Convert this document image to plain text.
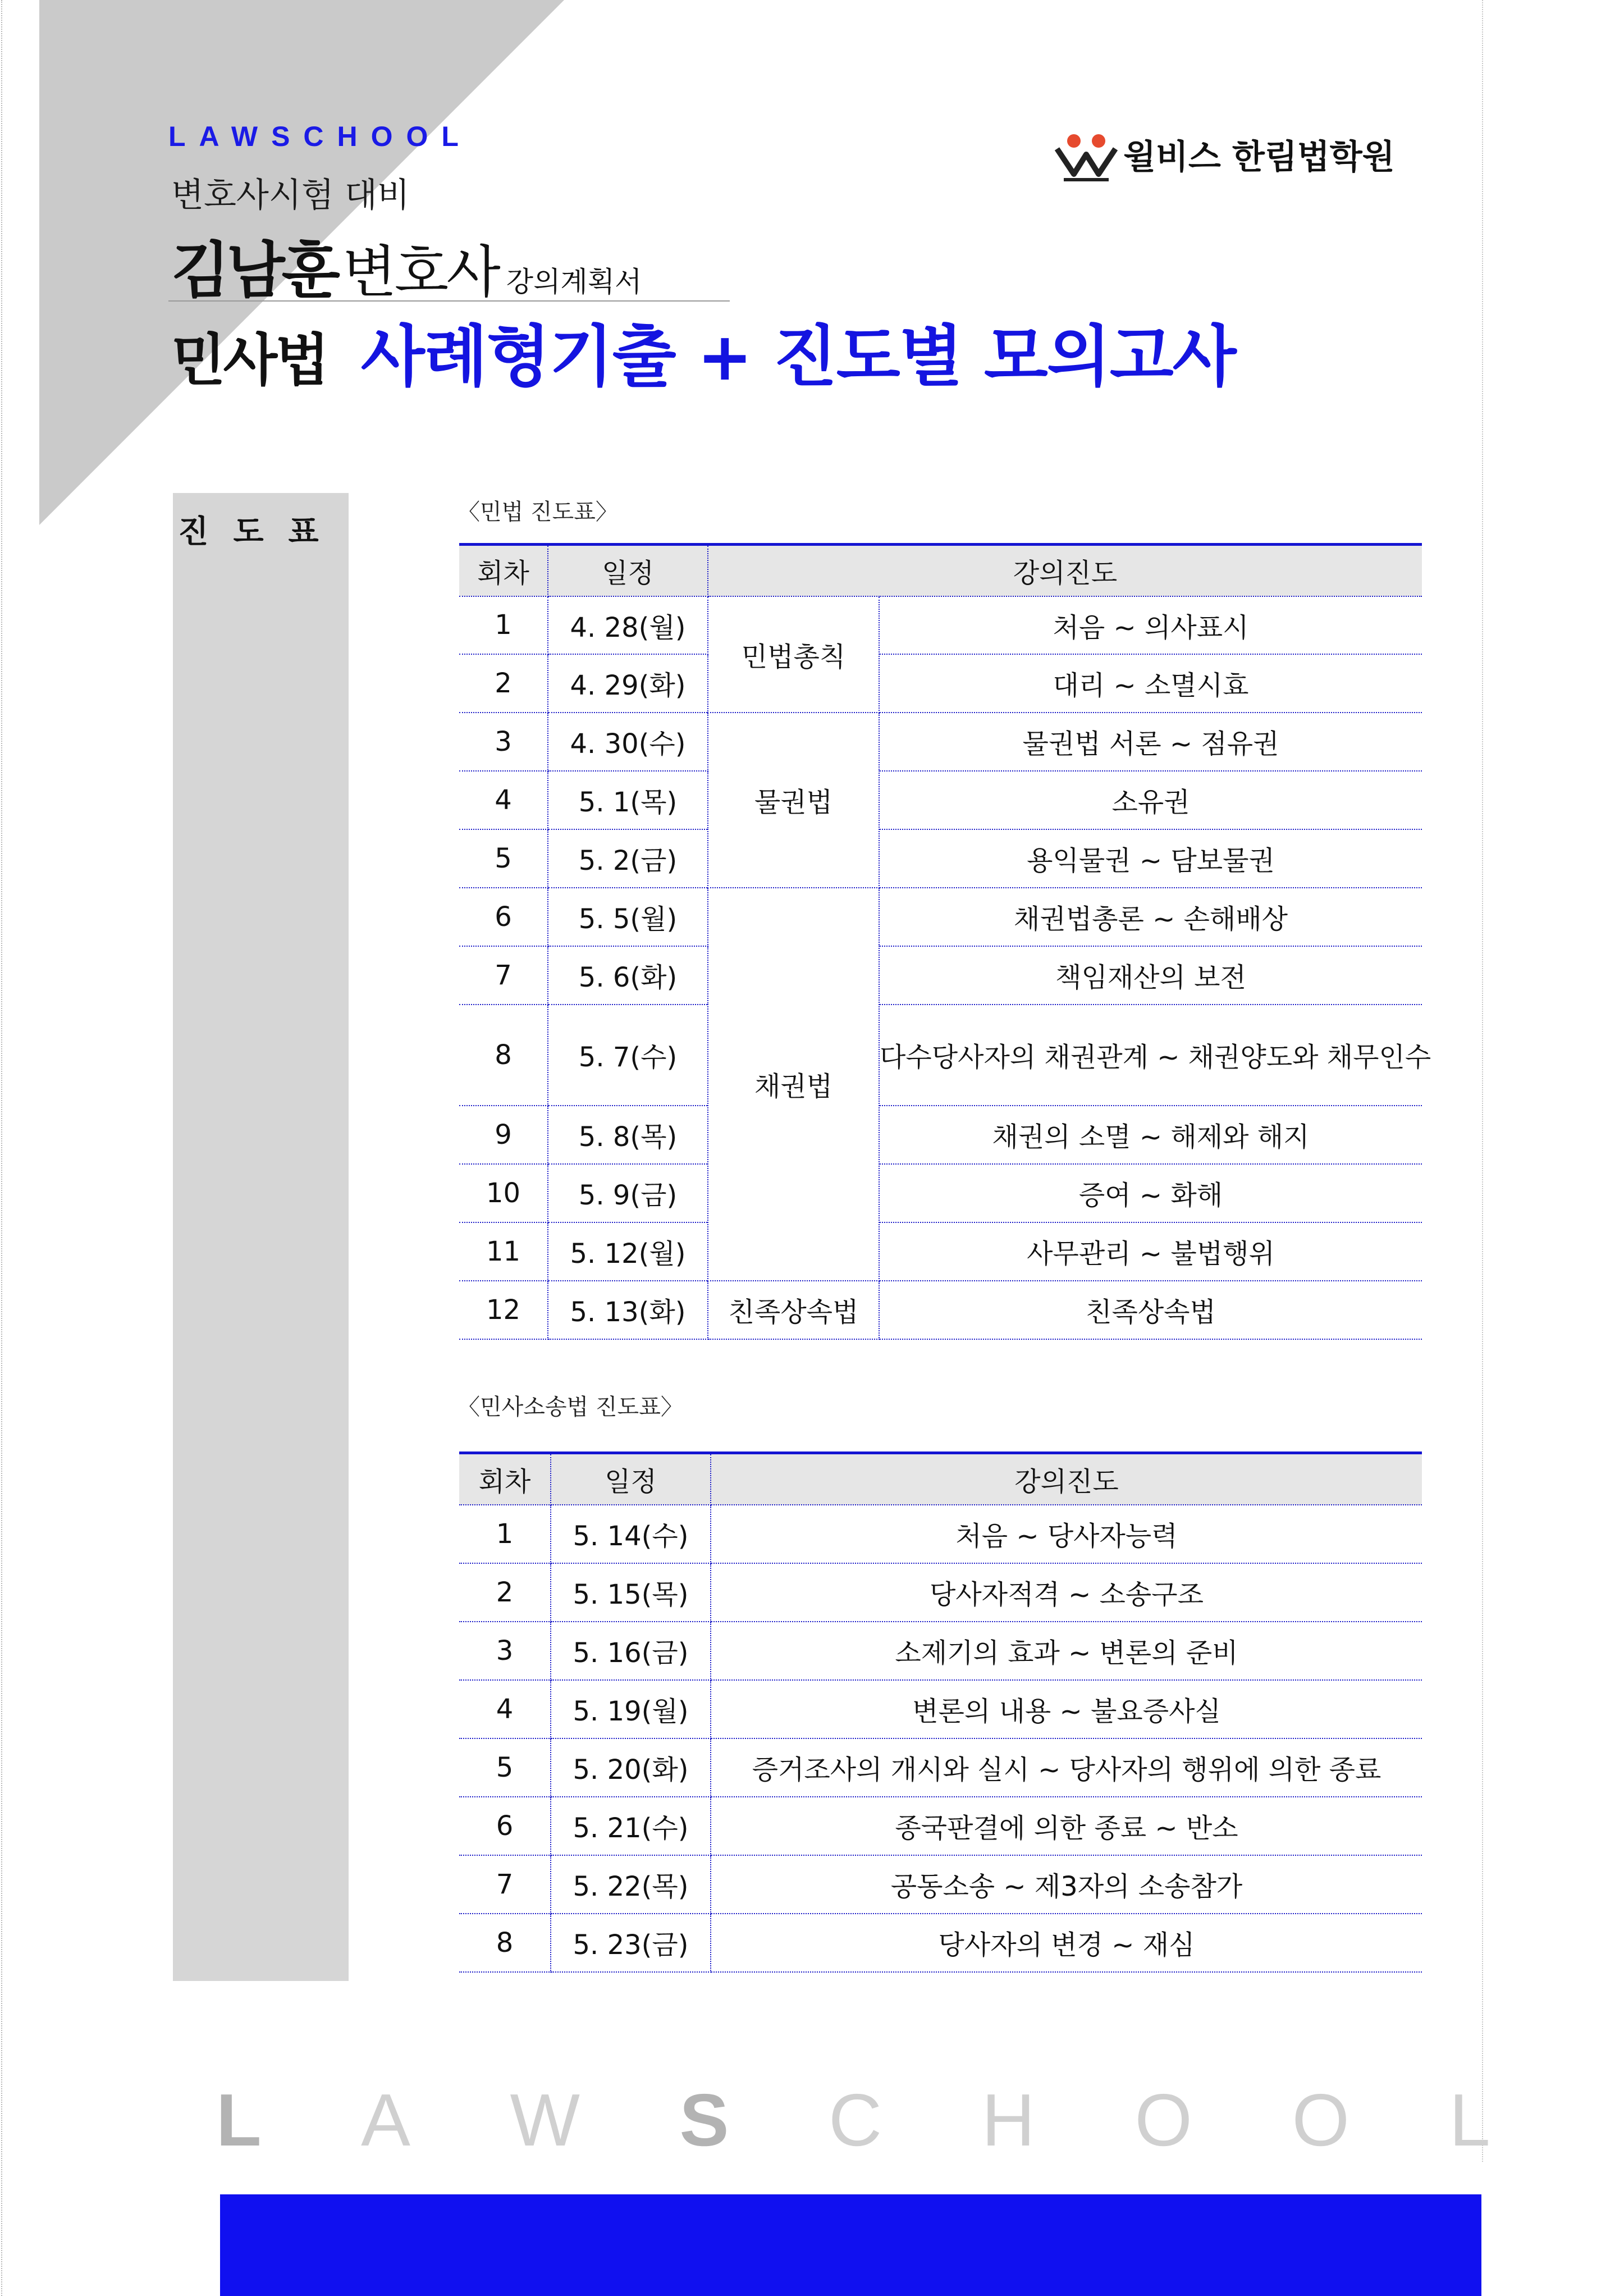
LAWSCHOOL
변호사시험 대비
김남훈 변호사 강의계획서
민사법 사례형기출 + 진도별 모의고사
윌비스 한림법학원
진도표
〈민법 진도표〉
회차	일정	강의진도	
1	4. 28(월)	민법총칙	처음 ~ 의사표시
2	4. 29(화)		대리 ~ 소멸시효
3	4. 30(수)	물권법	물권법 서론 ~ 점유권
4	5. 1(목)		소유권
5	5. 2(금)		용익물권 ~ 담보물권
6	5. 5(월)	채권법	채권법총론 ~ 손해배상
7	5. 6(화)		책임재산의 보전
8	5. 7(수)		다수당사자의 채권관계 ~ 채권양도와 채무인수
9	5. 8(목)		채권의 소멸 ~ 해제와 해지
10	5. 9(금)		증여 ~ 화해
11	5. 12(월)		사무관리 ~ 불법행위
12	5. 13(화)	친족상속법	친족상속법
〈민사소송법 진도표〉
회차	일정	강의진도
1	5. 14(수)	처음 ~ 당사자능력
2	5. 15(목)	당사자적격 ~ 소송구조
3	5. 16(금)	소제기의 효과 ~ 변론의 준비
4	5. 19(월)	변론의 내용 ~ 불요증사실
5	5. 20(화)	증거조사의 개시와 실시 ~ 당사자의 행위에 의한 종료
6	5. 21(수)	종국판결에 의한 종료 ~ 반소
7	5. 22(목)	공동소송 ~ 제3자의 소송참가
8	5. 23(금)	당사자의 변경 ~ 재심
L A W S C H O O L
